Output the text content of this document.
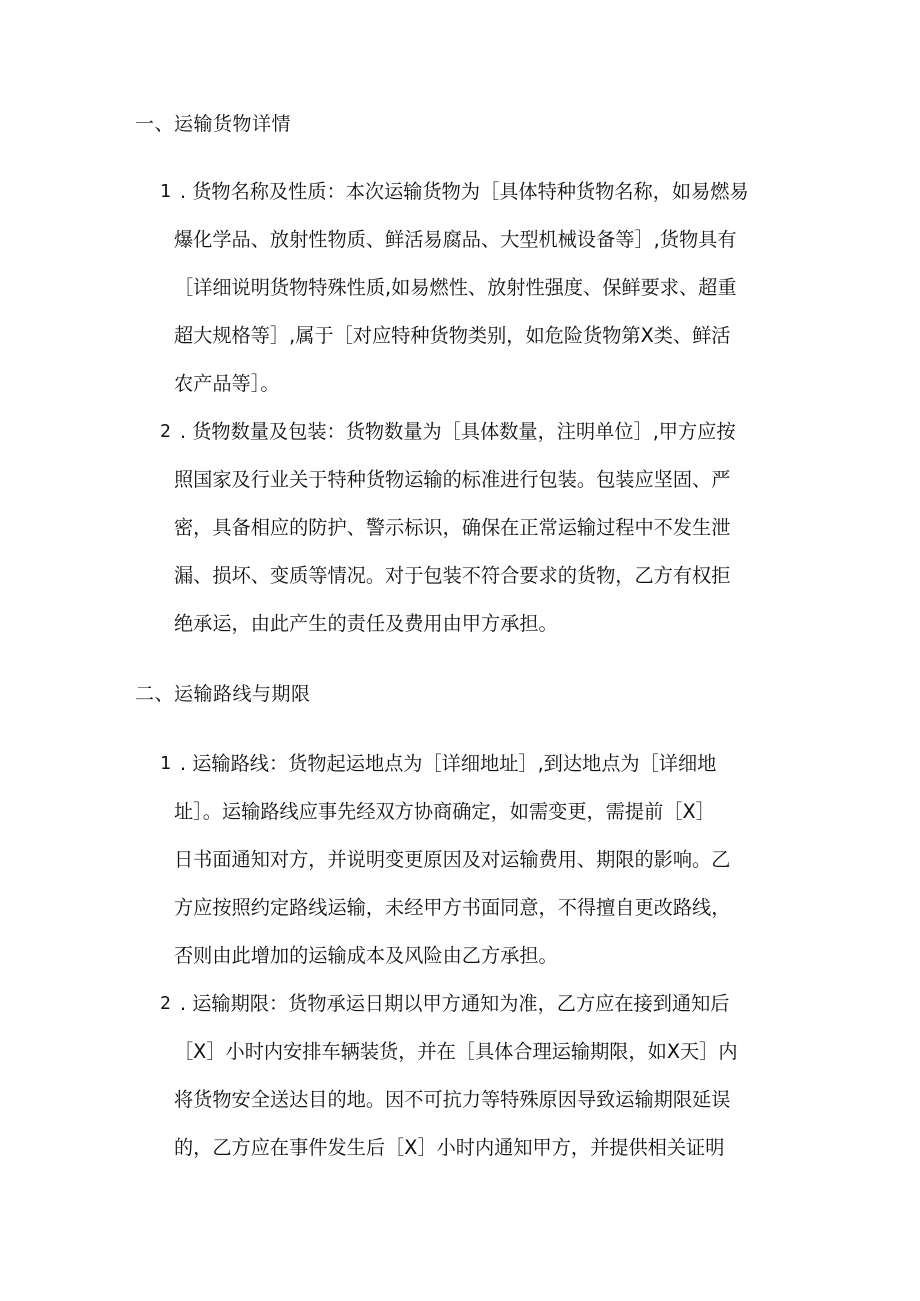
一、运输货物详情
1 . 货物名称及性质：本次运输货物为［具体特种货物名称，如易燃易
爆化学品、放射性物质、鲜活易腐品、大型机械设备等］,货物具有
［详细说明货物特殊性质,如易燃性、放射性强度、保鲜要求、超重
超大规格等］,属于［对应特种货物类别，如危险货物第X类、鲜活
农产品等］。
2 . 货物数量及包装：货物数量为［具体数量，注明单位］,甲方应按
照国家及行业关于特种货物运输的标准进行包装。包装应坚固、严
密，具备相应的防护、警示标识，确保在正常运输过程中不发生泄
漏、损坏、变质等情况。对于包装不符合要求的货物，乙方有权拒
绝承运，由此产生的责任及费用由甲方承担。
二、运输路线与期限
1 . 运输路线：货物起运地点为［详细地址］,到达地点为［详细地
址］。运输路线应事先经双方协商确定，如需变更，需提前［X］
日书面通知对方，并说明变更原因及对运输费用、期限的影响。乙
方应按照约定路线运输，未经甲方书面同意，不得擅自更改路线，
否则由此增加的运输成本及风险由乙方承担。
2 . 运输期限：货物承运日期以甲方通知为准，乙方应在接到通知后
［X］小时内安排车辆装货，并在［具体合理运输期限，如X天］内
将货物安全送达目的地。因不可抗力等特殊原因导致运输期限延误
的，乙方应在事件发生后［X］小时内通知甲方，并提供相关证明
